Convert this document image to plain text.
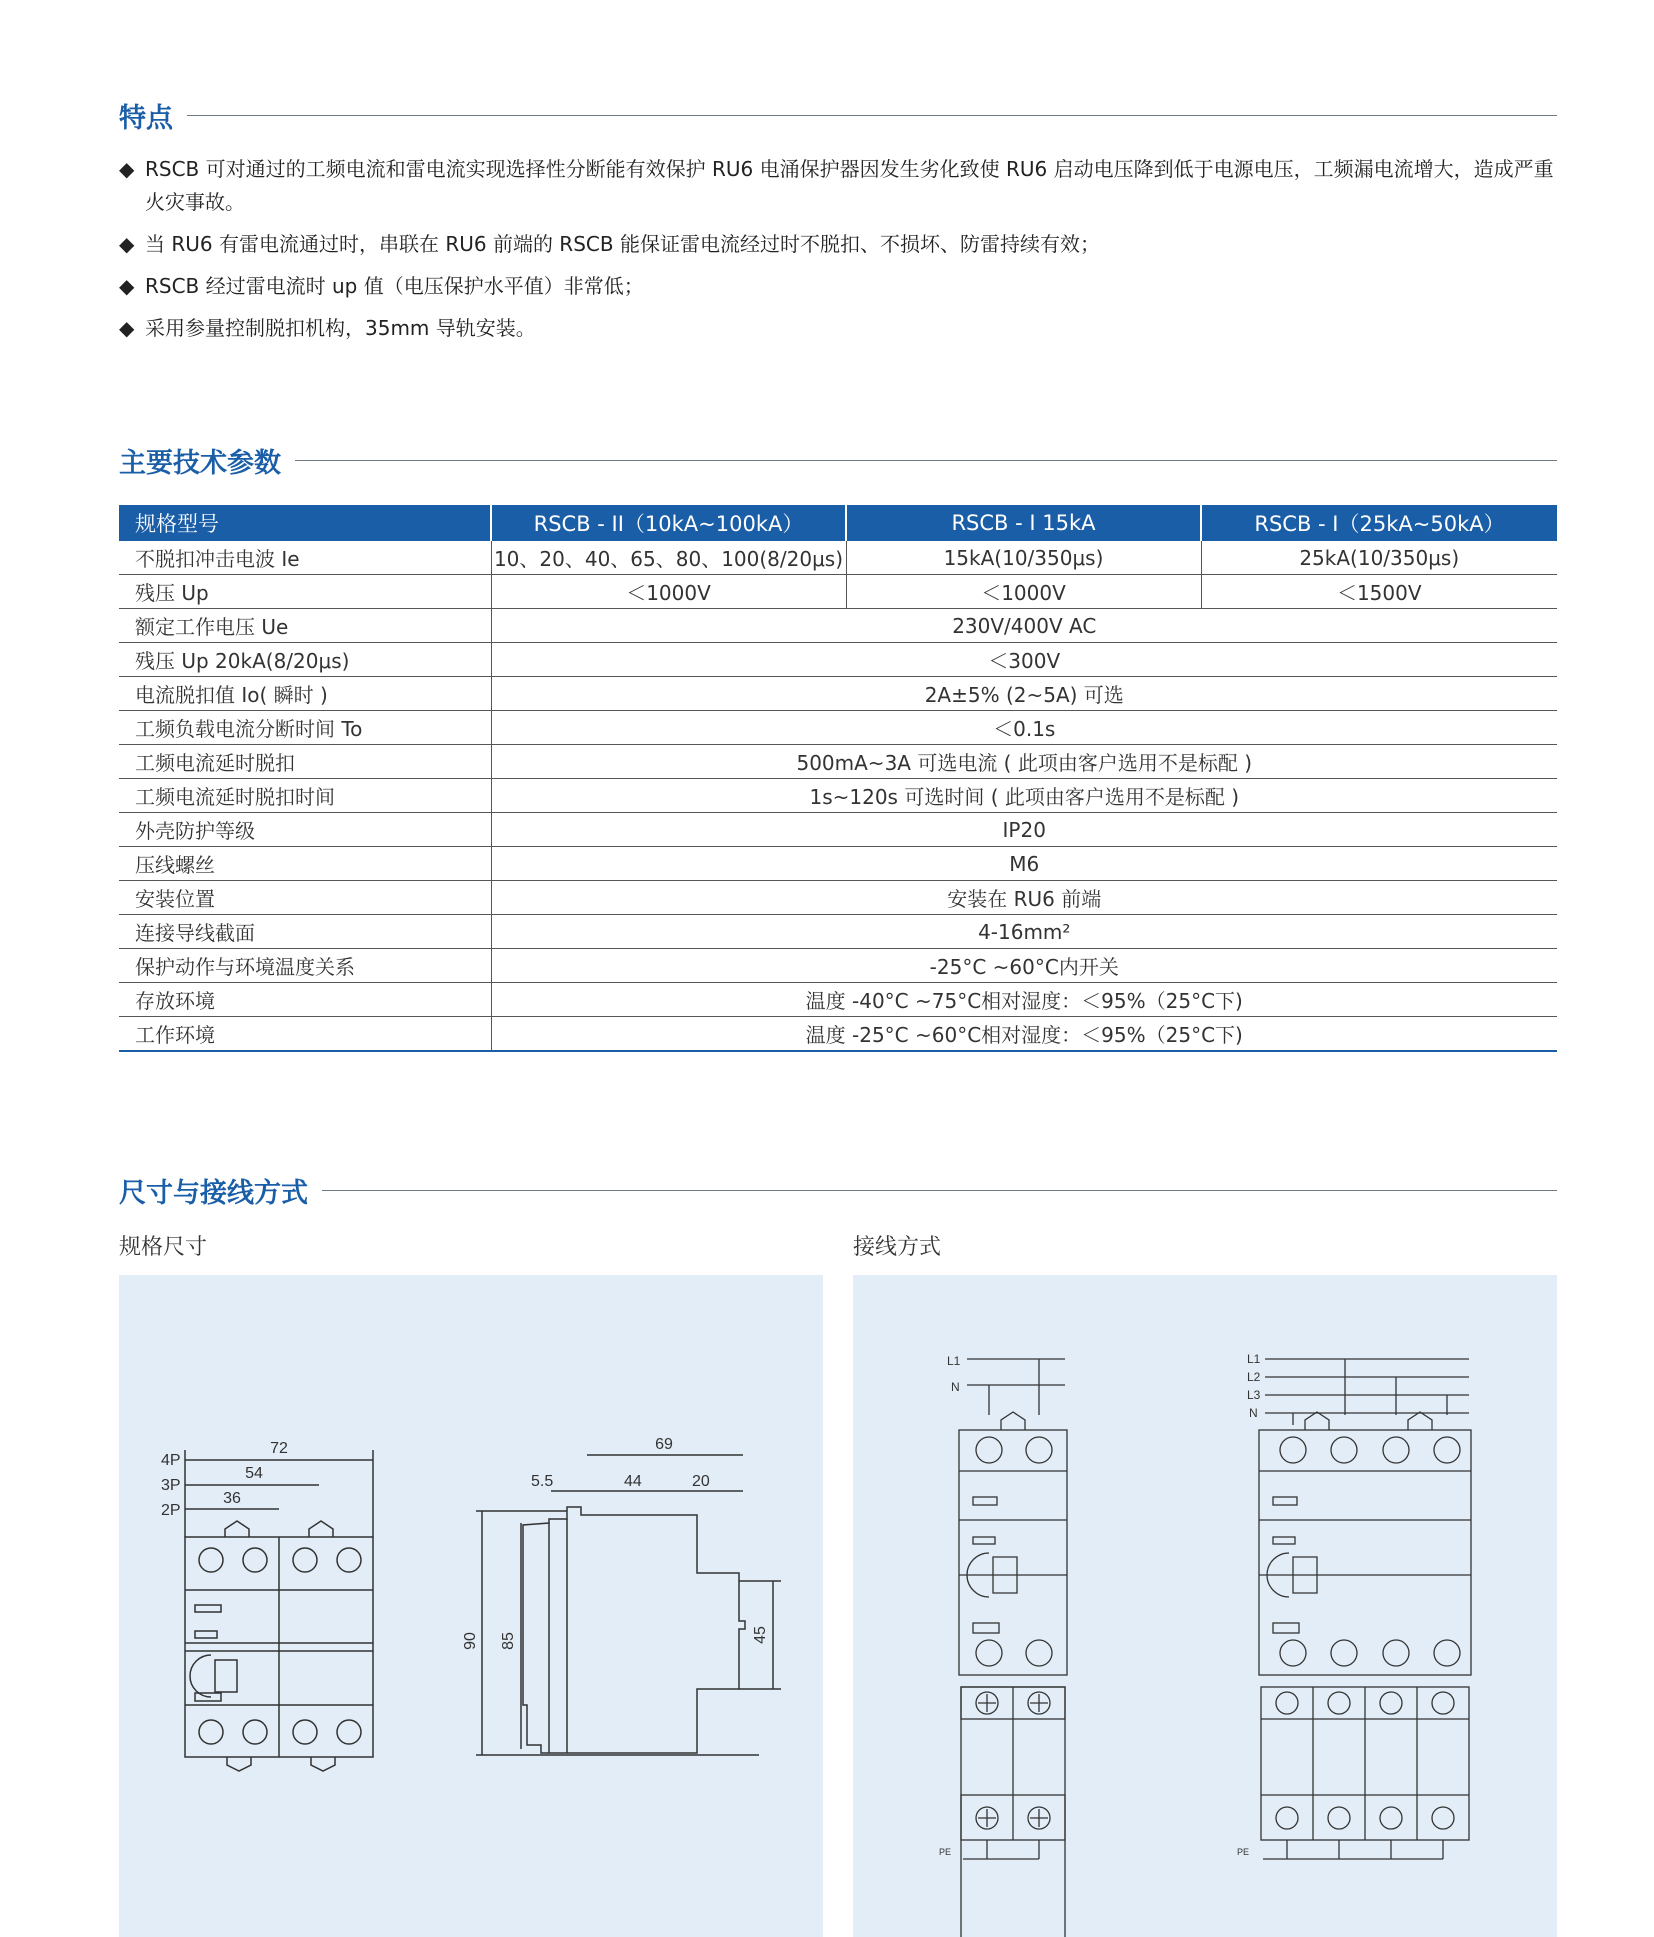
特点
◆ RSCB 可对通过的工频电流和雷电流实现选择性分断能有效保护 RU6 电涌保护器因发生劣化致使 RU6 启动电压降到低于电源电压，工频漏电流增大，造成严重火灾事故。
◆ 当 RU6 有雷电流通过时，串联在 RU6 前端的 RSCB 能保证雷电流经过时不脱扣、不损坏、防雷持续有效；
◆ RSCB 经过雷电流时 up 值（电压保护水平值）非常低；
◆ 采用参量控制脱扣机构，35mm 导轨安装。
主要技术参数
规格型号	RSCB - II（10kA~100kA）	RSCB - I 15kA	RSCB - I（25kA~50kA）
不脱扣冲击电波 Ie	10、20、40、65、80、100(8/20μs)	15kA(10/350μs)	25kA(10/350μs)
残压 Up	＜1000V	＜1000V	＜1500V
额定工作电压 Ue	230V/400V AC		
残压 Up 20kA(8/20μs)	＜300V		
电流脱扣值 Io( 瞬时 )	2A±5% (2~5A) 可选		
工频负载电流分断时间 To	＜0.1s		
工频电流延时脱扣	500mA~3A 可选电流 ( 此项由客户选用不是标配 )		
工频电流延时脱扣时间	1s~120s 可选时间 ( 此项由客户选用不是标配 )		
外壳防护等级	IP20		
压线螺丝	M6		
安装位置	安装在 RU6 前端		
连接导线截面	4-16mm²		
保护动作与环境温度关系	-25°C ~60°C内开关		
存放环境	温度 -40°C ~75°C相对湿度：＜95%（25°C下)		
工作环境	温度 -25°C ~60°C相对湿度：＜95%（25°C下)		
尺寸与接线方式
规格尺寸	接线方式
72
54
36
4P
3P
2P
69
5.5	44	20
90 85	45
L1
N
PE
L1
L2
L3
N
PE
